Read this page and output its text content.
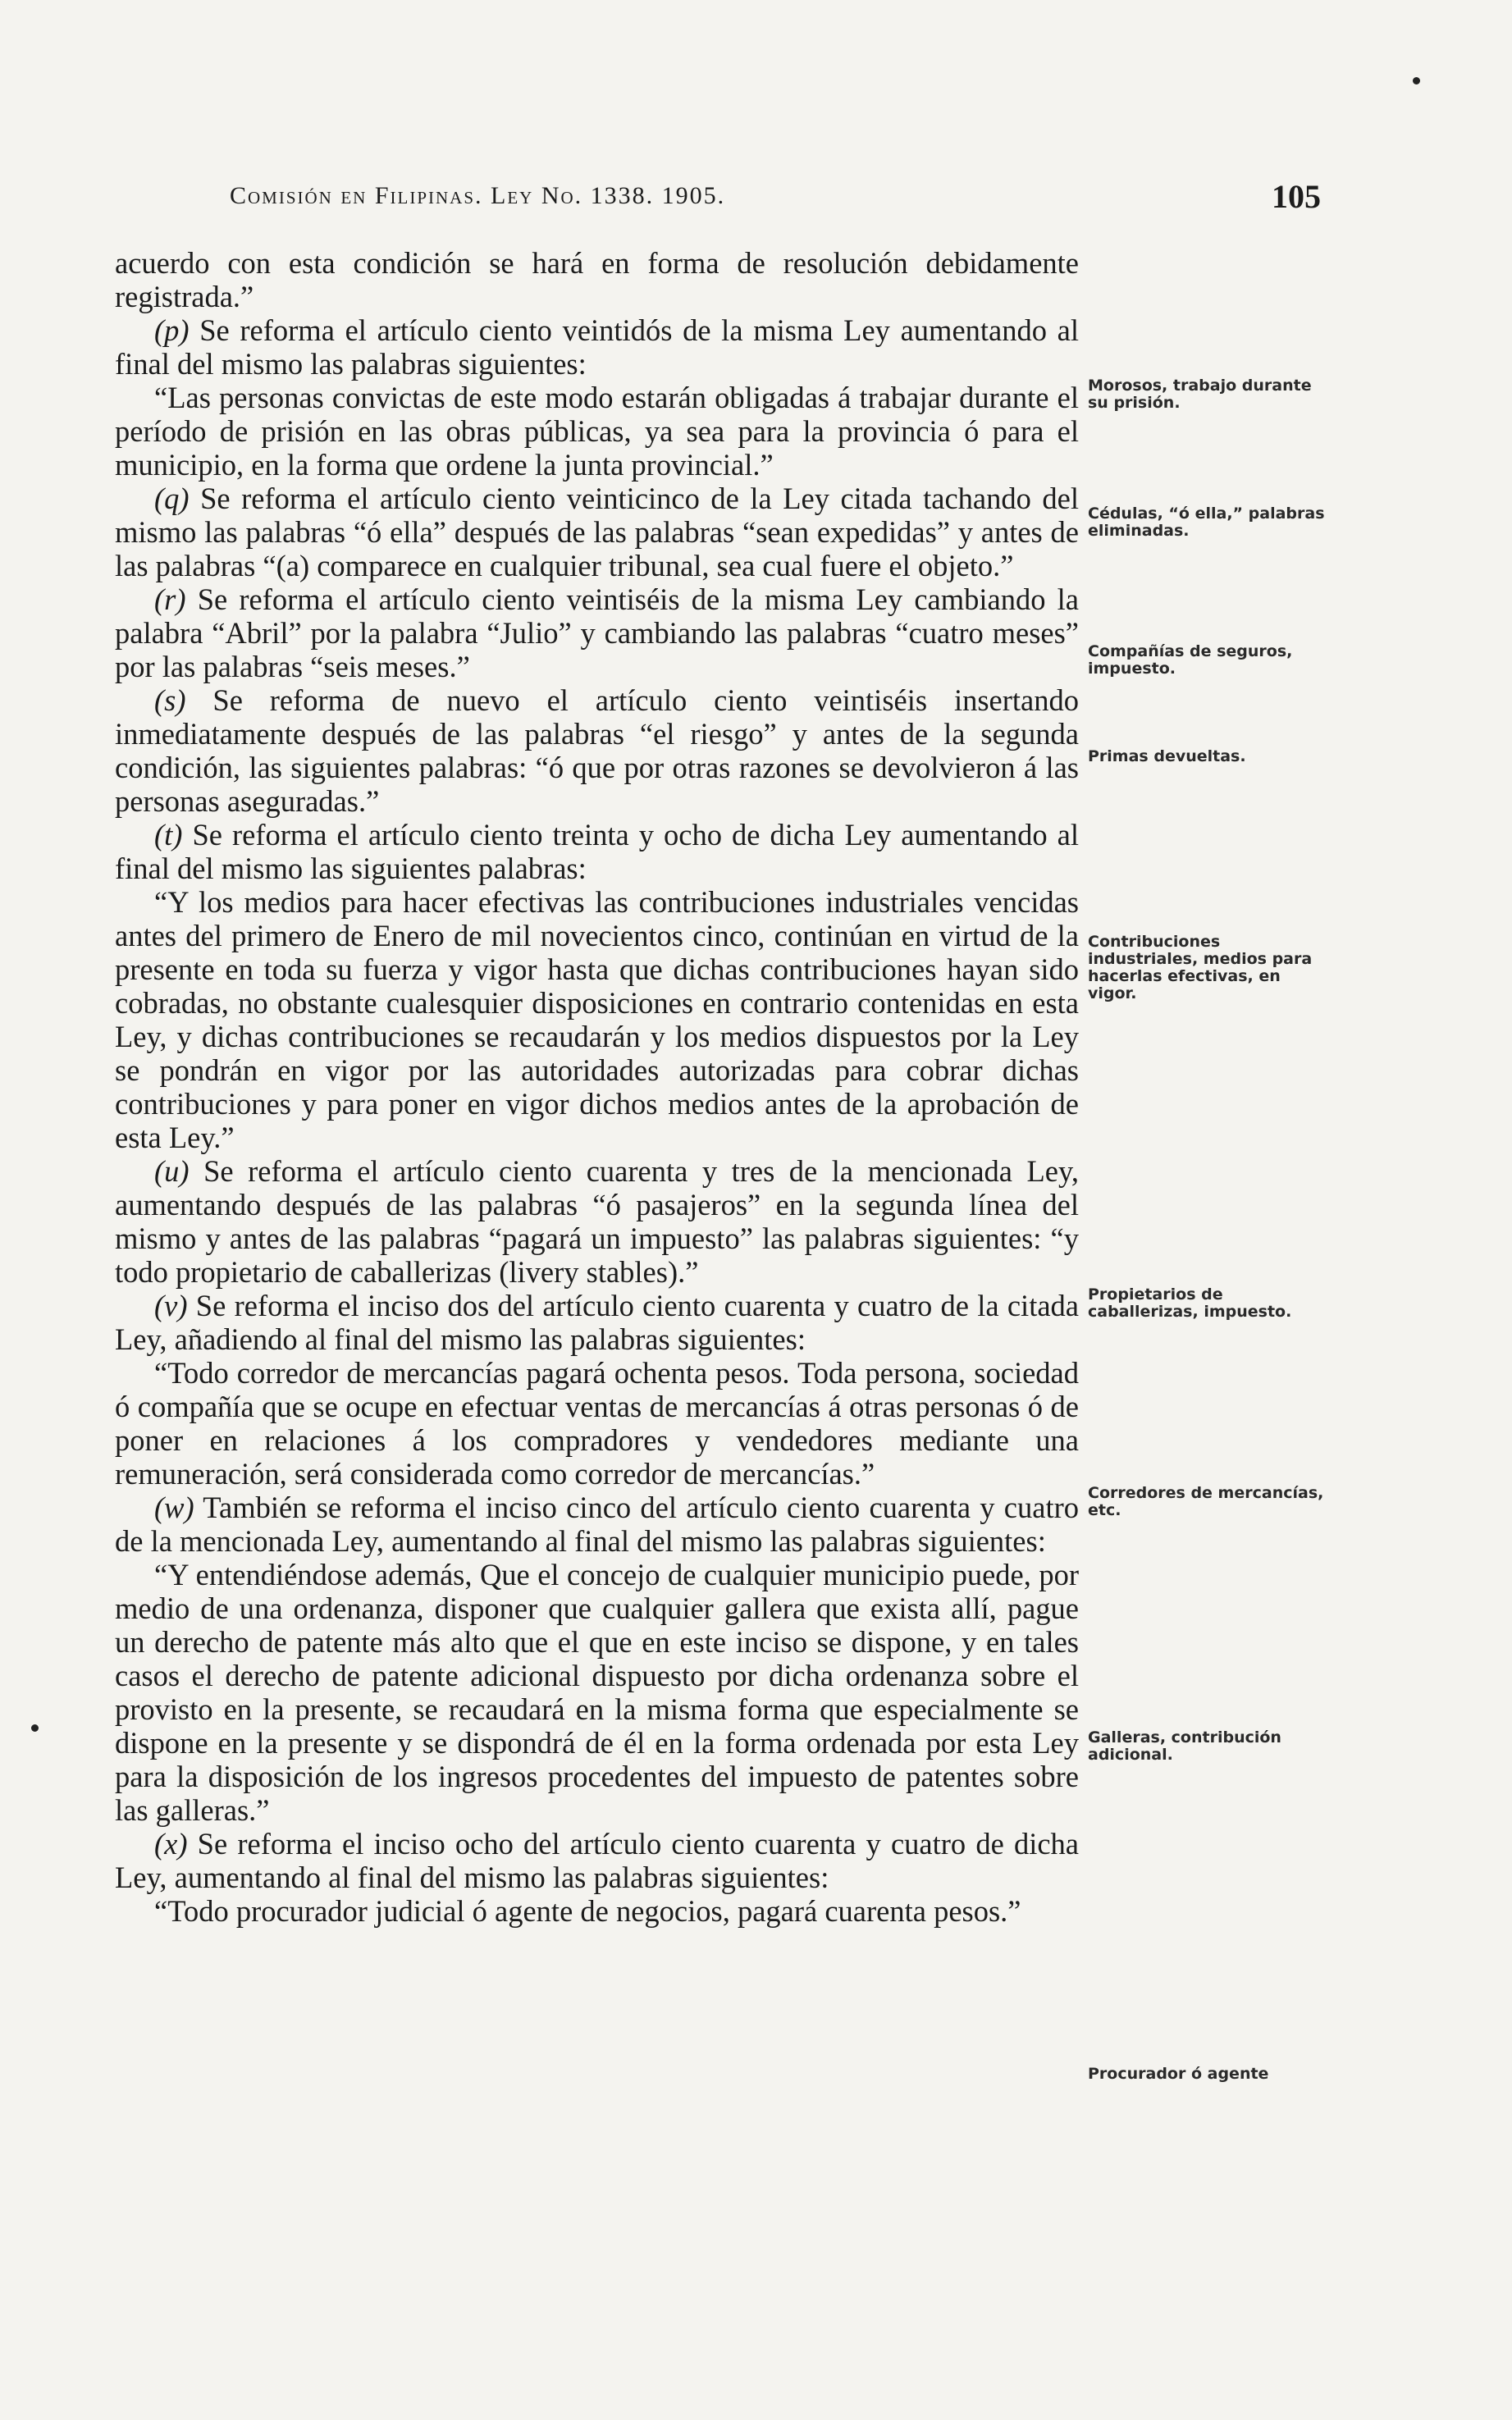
Comisión en Filipinas. Ley No. 1338. 1905.	105

acuerdo con esta condición se hará en forma de resolución debidamente registrada.”

(p) Se reforma el artículo ciento veintidós de la misma Ley aumentando al final del mismo las palabras siguientes:

“Las personas convictas de este modo estarán obligadas á trabajar durante el período de prisión en las obras públicas, ya sea para la provincia ó para el municipio, en la forma que ordene la junta provincial.”

(q) Se reforma el artículo ciento veinticinco de la Ley citada tachando del mismo las palabras “ó ella” después de las palabras “sean expedidas” y antes de las palabras “(a) comparece en cualquier tribunal, sea cual fuere el objeto.”

(r) Se reforma el artículo ciento veintiséis de la misma Ley cambiando la palabra “Abril” por la palabra “Julio” y cambiando las palabras “cuatro meses” por las palabras “seis meses.”

(s) Se reforma de nuevo el artículo ciento veintiséis insertando inmediatamente después de las palabras “el riesgo” y antes de la segunda condición, las siguientes palabras: “ó que por otras razones se devolvieron á las personas aseguradas.”

(t) Se reforma el artículo ciento treinta y ocho de dicha Ley aumentando al final del mismo las siguientes palabras:

“Y los medios para hacer efectivas las contribuciones industriales vencidas antes del primero de Enero de mil novecientos cinco, continúan en virtud de la presente en toda su fuerza y vigor hasta que dichas contribuciones hayan sido cobradas, no obstante cualesquier disposiciones en contrario contenidas en esta Ley, y dichas contribuciones se recaudarán y los medios dispuestos por la Ley se pondrán en vigor por las autoridades autorizadas para cobrar dichas contribuciones y para poner en vigor dichos medios antes de la aprobación de esta Ley.”

(u) Se reforma el artículo ciento cuarenta y tres de la mencionada Ley, aumentando después de las palabras “ó pasajeros” en la segunda línea del mismo y antes de las palabras “pagará un impuesto” las palabras siguientes: “y todo propietario de caballerizas (livery stables).”

(v) Se reforma el inciso dos del artículo ciento cuarenta y cuatro de la citada Ley, añadiendo al final del mismo las palabras siguientes:

“Todo corredor de mercancías pagará ochenta pesos. Toda persona, sociedad ó compañía que se ocupe en efectuar ventas de mercancías á otras personas ó de poner en relaciones á los compradores y vendedores mediante una remuneración, será considerada como corredor de mercancías.”

(w) También se reforma el inciso cinco del artículo ciento cuarenta y cuatro de la mencionada Ley, aumentando al final del mismo las palabras siguientes:

“Y entendiéndose además, Que el concejo de cualquier municipio puede, por medio de una ordenanza, disponer que cualquier gallera que exista allí, pague un derecho de patente más alto que el que en este inciso se dispone, y en tales casos el derecho de patente adicional dispuesto por dicha ordenanza sobre el provisto en la presente, se recaudará en la misma forma que especialmente se dispone en la presente y se dispondrá de él en la forma ordenada por esta Ley para la disposición de los ingresos procedentes del impuesto de patentes sobre las galleras.”

(x) Se reforma el inciso ocho del artículo ciento cuarenta y cuatro de dicha Ley, aumentando al final del mismo las palabras siguientes:

“Todo procurador judicial ó agente de negocios, pagará cuarenta pesos.”

Morosos, trabajo durante su prisión.
Cédulas, “ó ella,” palabras eliminadas.
Compañías de seguros, impuesto.
Primas devueltas.
Contribuciones industriales, medios para hacerlas efectivas, en vigor.
Propietarios de caballerizas, impuesto.
Corredores de mercancías, etc.
Galleras, contribución adicional.
Procurador ó agente
